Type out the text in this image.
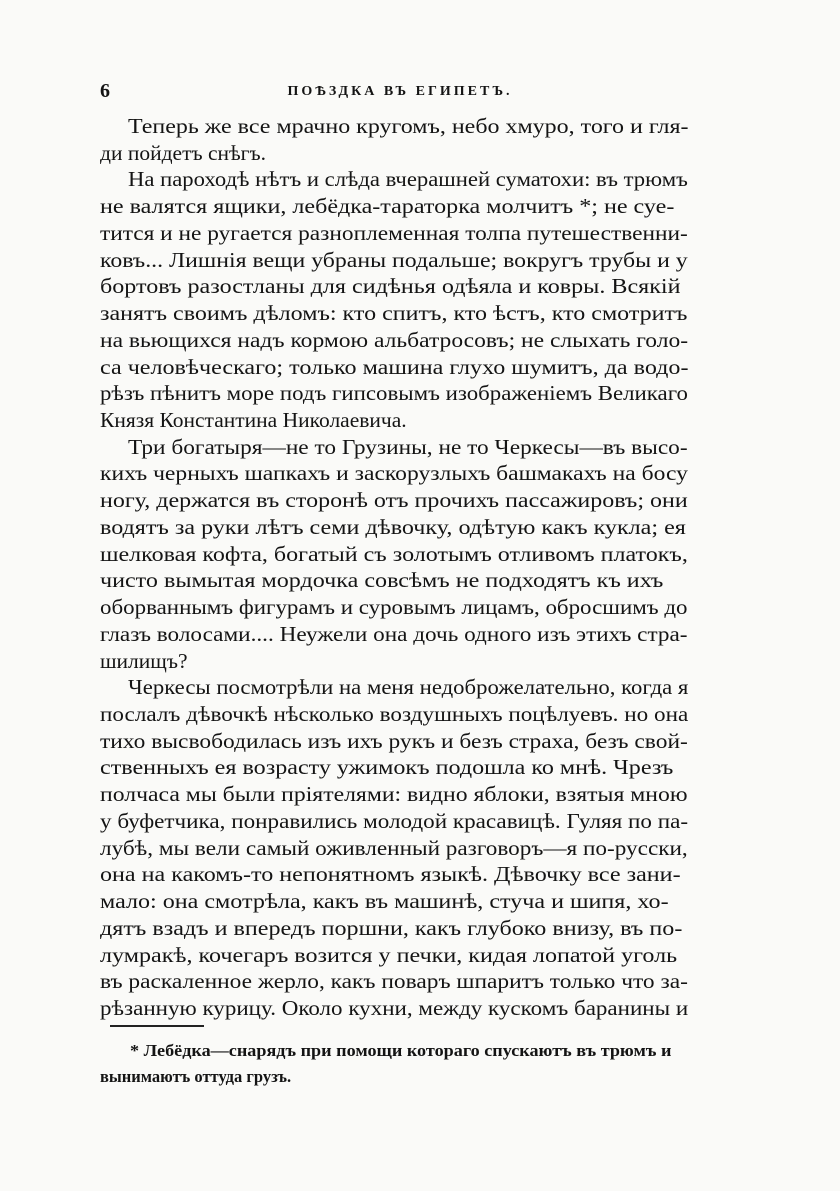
6	ПОѢЗДКА ВЪ ЕГИПЕТЪ.
Теперь же все мрачно кругомъ, небо хмуро, того и гля-
ди пойдетъ снѣгъ.
На пароходѣ нѣтъ и слѣда вчерашней суматохи: въ трюмъ
не валятся ящики, лебёдка-тараторка молчитъ *; не суе-
тится и не ругается разноплеменная толпа путешественни-
ковъ... Лишнія вещи убраны подальше; вокругъ трубы и у
бортовъ разостланы для сидѣнья одѣяла и ковры. Всякій
занятъ своимъ дѣломъ: кто спитъ, кто ѣстъ, кто смотритъ
на вьющихся надъ кормою альбатросовъ; не слыхать голо-
са человѣческаго; только машина глухо шумитъ, да водо-
рѣзъ пѣнитъ море подъ гипсовымъ изображеніемъ Великаго
Князя Константина Николаевича.
Три богатыря—не то Грузины, не то Черкесы—въ высо-
кихъ черныхъ шапкахъ и заскорузлыхъ башмакахъ на босу
ногу, держатся въ сторонѣ отъ прочихъ пассажировъ; они
водятъ за руки лѣтъ семи дѣвочку, одѣтую какъ кукла; ея
шелковая кофта, богатый съ золотымъ отливомъ платокъ,
чисто вымытая мордочка совсѣмъ не подходятъ къ ихъ
оборваннымъ фигурамъ и суровымъ лицамъ, обросшимъ до
глазъ волосами.... Неужели она дочь одного изъ этихъ стра-
шилищъ?
Черкесы посмотрѣли на меня недоброжелательно, когда я
послалъ дѣвочкѣ нѣсколько воздушныхъ поцѣлуевъ. но она
тихо высвободилась изъ ихъ рукъ и безъ страха, безъ свой-
ственныхъ ея возрасту ужимокъ подошла ко мнѣ. Чрезъ
полчаса мы были пріятелями: видно яблоки, взятыя мною
у буфетчика, понравились молодой красавицѣ. Гуляя по па-
лубѣ, мы вели самый оживленный разговоръ—я по-русски,
она на какомъ-то непонятномъ языкѣ. Дѣвочку все зани-
мало: она смотрѣла, какъ въ машинѣ, стуча и шипя, хо-
дятъ взадъ и впередъ поршни, какъ глубоко внизу, въ по-
лумракѣ, кочегаръ возится у печки, кидая лопатой уголь
въ раскаленное жерло, какъ поваръ шпаритъ только что за-
рѣзанную курицу. Около кухни, между кускомъ баранины и
* Лебёдка—снарядъ при помощи котораго спускаютъ въ трюмъ и
вынимаютъ оттуда грузъ.
